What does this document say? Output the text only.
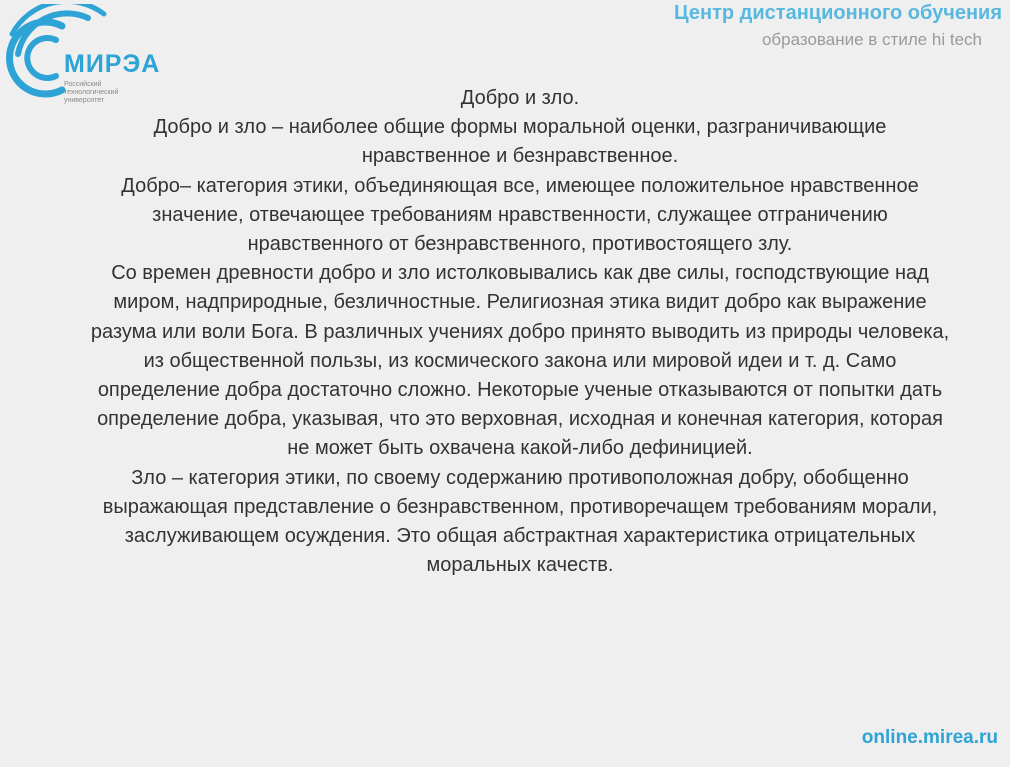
МИРЭА
Российский технологический университет
Центр дистанционного обучения
образование в стиле hi tech

Добро и зло.

Добро и зло – наиболее общие формы моральной оценки, разграничивающие нравственное и безнравственное.

Добро– категория этики, объединяющая все, имеющее положительное нравственное значение, отвечающее требованиям нравственности, служащее отграничению нравственного от безнравственного, противостоящего злу.

Со времен древности добро и зло истолковывались как две силы, господствующие над миром, надприродные, безличностные. Религиозная этика видит добро как выражение разума или воли Бога. В различных учениях добро принято выводить из природы человека, из общественной пользы, из космического закона или мировой идеи и т. д. Само определение добра достаточно сложно. Некоторые ученые отказываются от попытки дать определение добра, указывая, что это верховная, исходная и конечная категория, которая не может быть охвачена какой-либо дефиницией.

Зло – категория этики, по своему содержанию противоположная добру, обобщенно выражающая представление о безнравственном, противоречащем требованиям морали, заслуживающем осуждения. Это общая абстрактная характеристика отрицательных моральных качеств.

online.mirea.ru
